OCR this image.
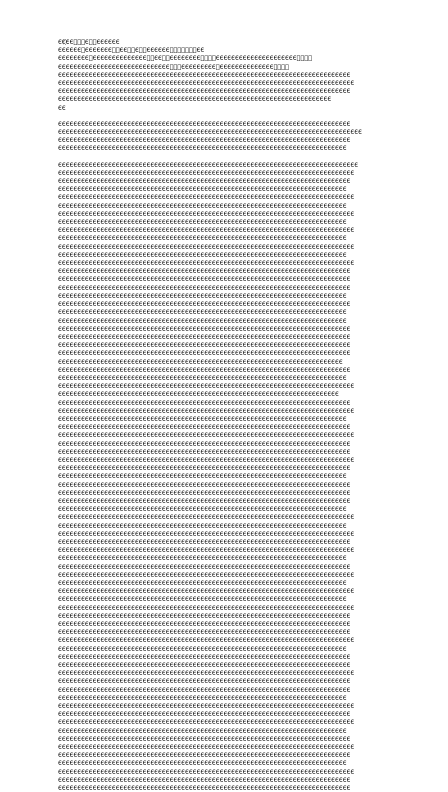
ЄЄ҉ЄЄ   Є  ЄЄЄЄЄЄ
ЄЄЄЄЄЄ ЄЄЄЄЄЄЄ  ЄЄ  Є  ЄЄЄЄЄЄ       ЄЄ
ЄЄЄЄЄЄЄЄ ЄЄЄЄЄЄЄЄЄЄЄЄЄЄ  ЄЄ  ЄЄЄЄЄЄЄЄ    ЄЄЄЄЄЄЄЄЄЄЄЄЄЄЄЄЄЄЄЄЄ    
ЄЄЄЄЄЄЄЄЄЄЄЄЄЄЄЄЄЄЄЄЄЄЄЄЄЄЄЄЄ   ЄЄЄЄЄЄЄЄЄ ЄЄЄЄЄЄЄЄЄЄЄЄЄЄ    
ЄЄЄЄЄЄЄЄЄЄЄЄЄЄЄЄЄЄЄЄЄЄЄЄЄЄЄЄЄЄЄЄЄЄЄЄЄЄЄЄЄЄЄЄЄЄЄЄЄЄЄЄЄЄЄЄЄЄЄЄЄЄЄЄЄЄЄЄЄЄЄЄЄЄЄЄ
ЄЄЄЄЄЄЄЄЄЄЄЄЄЄЄЄЄЄЄЄЄЄЄЄЄЄЄЄЄЄЄЄЄЄЄЄЄЄЄЄЄЄЄЄЄЄЄЄЄЄЄЄЄЄЄЄЄЄЄЄЄЄЄЄЄЄЄЄЄЄЄЄЄЄЄЄЄ
ЄЄЄЄЄЄЄЄЄЄЄЄЄЄЄЄЄЄЄЄЄЄЄЄЄЄЄЄЄЄЄЄЄЄЄЄЄЄЄЄЄЄЄЄЄЄЄЄЄЄЄЄЄЄЄЄЄЄЄЄЄЄЄЄЄЄЄЄЄЄЄЄЄЄЄЄ
ЄЄЄЄЄЄЄЄЄЄЄЄЄЄЄЄЄЄЄЄЄЄЄЄЄЄЄЄЄЄЄЄЄЄЄЄЄЄЄЄЄЄЄЄЄЄЄЄЄЄЄЄЄЄЄЄЄЄЄЄЄЄЄЄЄЄЄЄЄЄЄ
ЄЄ
ЄЄЄЄЄЄЄЄЄЄЄЄЄЄЄЄЄЄЄЄЄЄЄЄЄЄЄЄЄЄЄЄЄЄЄЄЄЄЄЄЄЄЄЄЄЄЄЄЄЄЄЄЄЄЄЄЄЄЄЄЄЄЄЄЄЄЄЄЄЄЄЄЄЄЄЄ
ЄЄЄЄЄЄЄЄЄЄЄЄЄЄЄЄЄЄЄЄЄЄЄЄЄЄЄЄЄЄЄЄЄЄЄЄЄЄЄЄЄЄЄЄЄЄЄЄЄЄЄЄЄЄЄЄЄЄЄЄЄЄЄЄЄЄЄЄЄЄЄЄЄЄЄЄЄЄЄ
ЄЄЄЄЄЄЄЄЄЄЄЄЄЄЄЄЄЄЄЄЄЄЄЄЄЄЄЄЄЄЄЄЄЄЄЄЄЄЄЄЄЄЄЄЄЄЄЄЄЄЄЄЄЄЄЄЄЄЄЄЄЄЄЄЄЄЄЄЄЄЄЄЄЄЄЄ
ЄЄЄЄЄЄЄЄЄЄЄЄЄЄЄЄЄЄЄЄЄЄЄЄЄЄЄЄЄЄЄЄЄЄЄЄЄЄЄЄЄЄЄЄЄЄЄЄЄЄЄЄЄЄЄЄЄЄЄЄЄЄЄЄЄЄЄЄЄЄЄЄЄЄЄ
ЄЄЄЄЄЄЄЄЄЄЄЄЄЄЄЄЄЄЄЄЄЄЄЄЄЄЄЄЄЄЄЄЄЄЄЄЄЄЄЄЄЄЄЄЄЄЄЄЄЄЄЄЄЄЄЄЄЄЄЄЄЄЄЄЄЄЄЄЄЄЄЄЄЄЄЄЄЄ
ЄЄЄЄЄЄЄЄЄЄЄЄЄЄЄЄЄЄЄЄЄЄЄЄЄЄЄЄЄЄЄЄЄЄЄЄЄЄЄЄЄЄЄЄЄЄЄЄЄЄЄЄЄЄЄЄЄЄЄЄЄЄЄЄЄЄЄЄЄЄЄЄЄЄЄЄЄ
ЄЄЄЄЄЄЄЄЄЄЄЄЄЄЄЄЄЄЄЄЄЄЄЄЄЄЄЄЄЄЄЄЄЄЄЄЄЄЄЄЄЄЄЄЄЄЄЄЄЄЄЄЄЄЄЄЄЄЄЄЄЄЄЄЄЄЄЄЄЄЄЄЄЄЄЄ
ЄЄЄЄЄЄЄЄЄЄЄЄЄЄЄЄЄЄЄЄЄЄЄЄЄЄЄЄЄЄЄЄЄЄЄЄЄЄЄЄЄЄЄЄЄЄЄЄЄЄЄЄЄЄЄЄЄЄЄЄЄЄЄЄЄЄЄЄЄЄЄЄЄЄЄ
ЄЄЄЄЄЄЄЄЄЄЄЄЄЄЄЄЄЄЄЄЄЄЄЄЄЄЄЄЄЄЄЄЄЄЄЄЄЄЄЄЄЄЄЄЄЄЄЄЄЄЄЄЄЄЄЄЄЄЄЄЄЄЄЄЄЄЄЄЄЄЄЄЄЄЄЄЄ
ЄЄЄЄЄЄЄЄЄЄЄЄЄЄЄЄЄЄЄЄЄЄЄЄЄЄЄЄЄЄЄЄЄЄЄЄЄЄЄЄЄЄЄЄЄЄЄЄЄЄЄЄЄЄЄЄЄЄЄЄЄЄЄЄЄЄЄЄЄЄЄЄЄЄЄ
ЄЄЄЄЄЄЄЄЄЄЄЄЄЄЄЄЄЄЄЄЄЄЄЄЄЄЄЄЄЄЄЄЄЄЄЄЄЄЄЄЄЄЄЄЄЄЄЄЄЄЄЄЄЄЄЄЄЄЄЄЄЄЄЄЄЄЄЄЄЄЄЄЄЄЄЄЄ
ЄЄЄЄЄЄЄЄЄЄЄЄЄЄЄЄЄЄЄЄЄЄЄЄЄЄЄЄЄЄЄЄЄЄЄЄЄЄЄЄЄЄЄЄЄЄЄЄЄЄЄЄЄЄЄЄЄЄЄЄЄЄЄЄЄЄЄЄЄЄЄЄЄЄЄ
ЄЄЄЄЄЄЄЄЄЄЄЄЄЄЄЄЄЄЄЄЄЄЄЄЄЄЄЄЄЄЄЄЄЄЄЄЄЄЄЄЄЄЄЄЄЄЄЄЄЄЄЄЄЄЄЄЄЄЄЄЄЄЄЄЄЄЄЄЄЄЄЄЄЄЄЄЄ
ЄЄЄЄЄЄЄЄЄЄЄЄЄЄЄЄЄЄЄЄЄЄЄЄЄЄЄЄЄЄЄЄЄЄЄЄЄЄЄЄЄЄЄЄЄЄЄЄЄЄЄЄЄЄЄЄЄЄЄЄЄЄЄЄЄЄЄЄЄЄЄЄЄЄЄ
ЄЄЄЄЄЄЄЄЄЄЄЄЄЄЄЄЄЄЄЄЄЄЄЄЄЄЄЄЄЄЄЄЄЄЄЄЄЄЄЄЄЄЄЄЄЄЄЄЄЄЄЄЄЄЄЄЄЄЄЄЄЄЄЄЄЄЄЄЄЄЄЄЄЄЄЄЄ
ЄЄЄЄЄЄЄЄЄЄЄЄЄЄЄЄЄЄЄЄЄЄЄЄЄЄЄЄЄЄЄЄЄЄЄЄЄЄЄЄЄЄЄЄЄЄЄЄЄЄЄЄЄЄЄЄЄЄЄЄЄЄЄЄЄЄЄЄЄЄЄЄЄЄЄ
ЄЄЄЄЄЄЄЄЄЄЄЄЄЄЄЄЄЄЄЄЄЄЄЄЄЄЄЄЄЄЄЄЄЄЄЄЄЄЄЄЄЄЄЄЄЄЄЄЄЄЄЄЄЄЄЄЄЄЄЄЄЄЄЄЄЄЄЄЄЄЄЄЄЄЄЄЄ
ЄЄЄЄЄЄЄЄЄЄЄЄЄЄЄЄЄЄЄЄЄЄЄЄЄЄЄЄЄЄЄЄЄЄЄЄЄЄЄЄЄЄЄЄЄЄЄЄЄЄЄЄЄЄЄЄЄЄЄЄЄЄЄЄЄЄЄЄЄЄЄЄЄЄЄЄ
ЄЄЄЄЄЄЄЄЄЄЄЄЄЄЄЄЄЄЄЄЄЄЄЄЄЄЄЄЄЄЄЄЄЄЄЄЄЄЄЄЄЄЄЄЄЄЄЄЄЄЄЄЄЄЄЄЄЄЄЄЄЄЄЄЄЄЄЄЄЄЄЄЄЄЄЄ
ЄЄЄЄЄЄЄЄЄЄЄЄЄЄЄЄЄЄЄЄЄЄЄЄЄЄЄЄЄЄЄЄЄЄЄЄЄЄЄЄЄЄЄЄЄЄЄЄЄЄЄЄЄЄЄЄЄЄЄЄЄЄЄЄЄЄЄЄЄЄЄЄЄЄЄЄ
ЄЄЄЄЄЄЄЄЄЄЄЄЄЄЄЄЄЄЄЄЄЄЄЄЄЄЄЄЄЄЄЄЄЄЄЄЄЄЄЄЄЄЄЄЄЄЄЄЄЄЄЄЄЄЄЄЄЄЄЄЄЄЄЄЄЄЄЄЄЄЄЄЄЄЄ
ЄЄЄЄЄЄЄЄЄЄЄЄЄЄЄЄЄЄЄЄЄЄЄЄЄЄЄЄЄЄЄЄЄЄЄЄЄЄЄЄЄЄЄЄЄЄЄЄЄЄЄЄЄЄЄЄЄЄЄЄЄЄЄЄЄЄЄЄЄЄЄЄЄЄЄЄ
ЄЄЄЄЄЄЄЄЄЄЄЄЄЄЄЄЄЄЄЄЄЄЄЄЄЄЄЄЄЄЄЄЄЄЄЄЄЄЄЄЄЄЄЄЄЄЄЄЄЄЄЄЄЄЄЄЄЄЄЄЄЄЄЄЄЄЄЄЄЄЄЄЄЄЄ
ЄЄЄЄЄЄЄЄЄЄЄЄЄЄЄЄЄЄЄЄЄЄЄЄЄЄЄЄЄЄЄЄЄЄЄЄЄЄЄЄЄЄЄЄЄЄЄЄЄЄЄЄЄЄЄЄЄЄЄЄЄЄЄЄЄЄЄЄЄЄЄЄЄЄЄ
ЄЄЄЄЄЄЄЄЄЄЄЄЄЄЄЄЄЄЄЄЄЄЄЄЄЄЄЄЄЄЄЄЄЄЄЄЄЄЄЄЄЄЄЄЄЄЄЄЄЄЄЄЄЄЄЄЄЄЄЄЄЄЄЄЄЄЄЄЄЄЄЄЄЄЄЄ
ЄЄЄЄЄЄЄЄЄЄЄЄЄЄЄЄЄЄЄЄЄЄЄЄЄЄЄЄЄЄЄЄЄЄЄЄЄЄЄЄЄЄЄЄЄЄЄЄЄЄЄЄЄЄЄЄЄЄЄЄЄЄЄЄЄЄЄЄЄЄЄЄЄЄЄЄ
ЄЄЄЄЄЄЄЄЄЄЄЄЄЄЄЄЄЄЄЄЄЄЄЄЄЄЄЄЄЄЄЄЄЄЄЄЄЄЄЄЄЄЄЄЄЄЄЄЄЄЄЄЄЄЄЄЄЄЄЄЄЄЄЄЄЄЄЄЄЄЄЄЄЄЄЄ
ЄЄЄЄЄЄЄЄЄЄЄЄЄЄЄЄЄЄЄЄЄЄЄЄЄЄЄЄЄЄЄЄЄЄЄЄЄЄЄЄЄЄЄЄЄЄЄЄЄЄЄЄЄЄЄЄЄЄЄЄЄЄЄЄЄЄЄЄЄЄЄЄЄЄЄЄ
ЄЄЄЄЄЄЄЄЄЄЄЄЄЄЄЄЄЄЄЄЄЄЄЄЄЄЄЄЄЄЄЄЄЄЄЄЄЄЄЄЄЄЄЄЄЄЄЄЄЄЄЄЄЄЄЄЄЄЄЄЄЄЄЄЄЄЄЄЄЄЄЄЄЄ
ЄЄЄЄЄЄЄЄЄЄЄЄЄЄЄЄЄЄЄЄЄЄЄЄЄЄЄЄЄЄЄЄЄЄЄЄЄЄЄЄЄЄЄЄЄЄЄЄЄЄЄЄЄЄЄЄЄЄЄЄЄЄЄЄЄЄЄЄЄЄЄЄЄЄЄЄ
ЄЄЄЄЄЄЄЄЄЄЄЄЄЄЄЄЄЄЄЄЄЄЄЄЄЄЄЄЄЄЄЄЄЄЄЄЄЄЄЄЄЄЄЄЄЄЄЄЄЄЄЄЄЄЄЄЄЄЄЄЄЄЄЄЄЄЄЄЄЄЄЄЄЄЄ
ЄЄЄЄЄЄЄЄЄЄЄЄЄЄЄЄЄЄЄЄЄЄЄЄЄЄЄЄЄЄЄЄЄЄЄЄЄЄЄЄЄЄЄЄЄЄЄЄЄЄЄЄЄЄЄЄЄЄЄЄЄЄЄЄЄЄЄЄЄЄЄЄЄЄЄЄЄ
ЄЄЄЄЄЄЄЄЄЄЄЄЄЄЄЄЄЄЄЄЄЄЄЄЄЄЄЄЄЄЄЄЄЄЄЄЄЄЄЄЄЄЄЄЄЄЄЄЄЄЄЄЄЄЄЄЄЄЄЄЄЄЄЄЄЄЄЄЄЄЄЄЄ
ЄЄЄЄЄЄЄЄЄЄЄЄЄЄЄЄЄЄЄЄЄЄЄЄЄЄЄЄЄЄЄЄЄЄЄЄЄЄЄЄЄЄЄЄЄЄЄЄЄЄЄЄЄЄЄЄЄЄЄЄЄЄЄЄЄЄЄЄЄЄЄЄЄЄЄЄ
ЄЄЄЄЄЄЄЄЄЄЄЄЄЄЄЄЄЄЄЄЄЄЄЄЄЄЄЄЄЄЄЄЄЄЄЄЄЄЄЄЄЄЄЄЄЄЄЄЄЄЄЄЄЄЄЄЄЄЄЄЄЄЄЄЄЄЄЄЄЄЄЄЄЄЄЄЄ
ЄЄЄЄЄЄЄЄЄЄЄЄЄЄЄЄЄЄЄЄЄЄЄЄЄЄЄЄЄЄЄЄЄЄЄЄЄЄЄЄЄЄЄЄЄЄЄЄЄЄЄЄЄЄЄЄЄЄЄЄЄЄЄЄЄЄЄЄЄЄЄЄЄЄЄ
ЄЄЄЄЄЄЄЄЄЄЄЄЄЄЄЄЄЄЄЄЄЄЄЄЄЄЄЄЄЄЄЄЄЄЄЄЄЄЄЄЄЄЄЄЄЄЄЄЄЄЄЄЄЄЄЄЄЄЄЄЄЄЄЄЄЄЄЄЄЄЄЄЄЄЄЄ
ЄЄЄЄЄЄЄЄЄЄЄЄЄЄЄЄЄЄЄЄЄЄЄЄЄЄЄЄЄЄЄЄЄЄЄЄЄЄЄЄЄЄЄЄЄЄЄЄЄЄЄЄЄЄЄЄЄЄЄЄЄЄЄЄЄЄЄЄЄЄЄЄЄЄЄЄЄ
ЄЄЄЄЄЄЄЄЄЄЄЄЄЄЄЄЄЄЄЄЄЄЄЄЄЄЄЄЄЄЄЄЄЄЄЄЄЄЄЄЄЄЄЄЄЄЄЄЄЄЄЄЄЄЄЄЄЄЄЄЄЄЄЄЄЄЄЄЄЄЄЄЄЄЄЄ
ЄЄЄЄЄЄЄЄЄЄЄЄЄЄЄЄЄЄЄЄЄЄЄЄЄЄЄЄЄЄЄЄЄЄЄЄЄЄЄЄЄЄЄЄЄЄЄЄЄЄЄЄЄЄЄЄЄЄЄЄЄЄЄЄЄЄЄЄЄЄЄЄЄЄЄЄ
ЄЄЄЄЄЄЄЄЄЄЄЄЄЄЄЄЄЄЄЄЄЄЄЄЄЄЄЄЄЄЄЄЄЄЄЄЄЄЄЄЄЄЄЄЄЄЄЄЄЄЄЄЄЄЄЄЄЄЄЄЄЄЄЄЄЄЄЄЄЄЄЄЄЄЄЄЄ
ЄЄЄЄЄЄЄЄЄЄЄЄЄЄЄЄЄЄЄЄЄЄЄЄЄЄЄЄЄЄЄЄЄЄЄЄЄЄЄЄЄЄЄЄЄЄЄЄЄЄЄЄЄЄЄЄЄЄЄЄЄЄЄЄЄЄЄЄЄЄЄЄЄЄЄЄ
ЄЄЄЄЄЄЄЄЄЄЄЄЄЄЄЄЄЄЄЄЄЄЄЄЄЄЄЄЄЄЄЄЄЄЄЄЄЄЄЄЄЄЄЄЄЄЄЄЄЄЄЄЄЄЄЄЄЄЄЄЄЄЄЄЄЄЄЄЄЄЄЄЄЄЄ
ЄЄЄЄЄЄЄЄЄЄЄЄЄЄЄЄЄЄЄЄЄЄЄЄЄЄЄЄЄЄЄЄЄЄЄЄЄЄЄЄЄЄЄЄЄЄЄЄЄЄЄЄЄЄЄЄЄЄЄЄЄЄЄЄЄЄЄЄЄЄЄЄЄЄЄЄ
ЄЄЄЄЄЄЄЄЄЄЄЄЄЄЄЄЄЄЄЄЄЄЄЄЄЄЄЄЄЄЄЄЄЄЄЄЄЄЄЄЄЄЄЄЄЄЄЄЄЄЄЄЄЄЄЄЄЄЄЄЄЄЄЄЄЄЄЄЄЄЄЄЄЄЄЄ
ЄЄЄЄЄЄЄЄЄЄЄЄЄЄЄЄЄЄЄЄЄЄЄЄЄЄЄЄЄЄЄЄЄЄЄЄЄЄЄЄЄЄЄЄЄЄЄЄЄЄЄЄЄЄЄЄЄЄЄЄЄЄЄЄЄЄЄЄЄЄЄЄЄЄЄЄ
ЄЄЄЄЄЄЄЄЄЄЄЄЄЄЄЄЄЄЄЄЄЄЄЄЄЄЄЄЄЄЄЄЄЄЄЄЄЄЄЄЄЄЄЄЄЄЄЄЄЄЄЄЄЄЄЄЄЄЄЄЄЄЄЄЄЄЄЄЄЄЄЄЄЄЄ
ЄЄЄЄЄЄЄЄЄЄЄЄЄЄЄЄЄЄЄЄЄЄЄЄЄЄЄЄЄЄЄЄЄЄЄЄЄЄЄЄЄЄЄЄЄЄЄЄЄЄЄЄЄЄЄЄЄЄЄЄЄЄЄЄЄЄЄЄЄЄЄЄЄЄЄЄЄ
ЄЄЄЄЄЄЄЄЄЄЄЄЄЄЄЄЄЄЄЄЄЄЄЄЄЄЄЄЄЄЄЄЄЄЄЄЄЄЄЄЄЄЄЄЄЄЄЄЄЄЄЄЄЄЄЄЄЄЄЄЄЄЄЄЄЄЄЄЄЄЄЄЄЄЄ
ЄЄЄЄЄЄЄЄЄЄЄЄЄЄЄЄЄЄЄЄЄЄЄЄЄЄЄЄЄЄЄЄЄЄЄЄЄЄЄЄЄЄЄЄЄЄЄЄЄЄЄЄЄЄЄЄЄЄЄЄЄЄЄЄЄЄЄЄЄЄЄЄЄЄЄЄЄ
ЄЄЄЄЄЄЄЄЄЄЄЄЄЄЄЄЄЄЄЄЄЄЄЄЄЄЄЄЄЄЄЄЄЄЄЄЄЄЄЄЄЄЄЄЄЄЄЄЄЄЄЄЄЄЄЄЄЄЄЄЄЄЄЄЄЄЄЄЄЄЄЄЄЄЄЄ
ЄЄЄЄЄЄЄЄЄЄЄЄЄЄЄЄЄЄЄЄЄЄЄЄЄЄЄЄЄЄЄЄЄЄЄЄЄЄЄЄЄЄЄЄЄЄЄЄЄЄЄЄЄЄЄЄЄЄЄЄЄЄЄЄЄЄЄЄЄЄЄЄЄЄЄЄЄ
ЄЄЄЄЄЄЄЄЄЄЄЄЄЄЄЄЄЄЄЄЄЄЄЄЄЄЄЄЄЄЄЄЄЄЄЄЄЄЄЄЄЄЄЄЄЄЄЄЄЄЄЄЄЄЄЄЄЄЄЄЄЄЄЄЄЄЄЄЄЄЄЄЄЄЄ
ЄЄЄЄЄЄЄЄЄЄЄЄЄЄЄЄЄЄЄЄЄЄЄЄЄЄЄЄЄЄЄЄЄЄЄЄЄЄЄЄЄЄЄЄЄЄЄЄЄЄЄЄЄЄЄЄЄЄЄЄЄЄЄЄЄЄЄЄЄЄЄЄЄЄЄЄ
ЄЄЄЄЄЄЄЄЄЄЄЄЄЄЄЄЄЄЄЄЄЄЄЄЄЄЄЄЄЄЄЄЄЄЄЄЄЄЄЄЄЄЄЄЄЄЄЄЄЄЄЄЄЄЄЄЄЄЄЄЄЄЄЄЄЄЄЄЄЄЄЄЄЄЄЄЄ
ЄЄЄЄЄЄЄЄЄЄЄЄЄЄЄЄЄЄЄЄЄЄЄЄЄЄЄЄЄЄЄЄЄЄЄЄЄЄЄЄЄЄЄЄЄЄЄЄЄЄЄЄЄЄЄЄЄЄЄЄЄЄЄЄЄЄЄЄЄЄЄЄЄЄЄ
ЄЄЄЄЄЄЄЄЄЄЄЄЄЄЄЄЄЄЄЄЄЄЄЄЄЄЄЄЄЄЄЄЄЄЄЄЄЄЄЄЄЄЄЄЄЄЄЄЄЄЄЄЄЄЄЄЄЄЄЄЄЄЄЄЄЄЄЄЄЄЄЄЄЄЄЄЄ
ЄЄЄЄЄЄЄЄЄЄЄЄЄЄЄЄЄЄЄЄЄЄЄЄЄЄЄЄЄЄЄЄЄЄЄЄЄЄЄЄЄЄЄЄЄЄЄЄЄЄЄЄЄЄЄЄЄЄЄЄЄЄЄЄЄЄЄЄЄЄЄЄЄЄЄ
ЄЄЄЄЄЄЄЄЄЄЄЄЄЄЄЄЄЄЄЄЄЄЄЄЄЄЄЄЄЄЄЄЄЄЄЄЄЄЄЄЄЄЄЄЄЄЄЄЄЄЄЄЄЄЄЄЄЄЄЄЄЄЄЄЄЄЄЄЄЄЄЄЄЄЄЄЄ
ЄЄЄЄЄЄЄЄЄЄЄЄЄЄЄЄЄЄЄЄЄЄЄЄЄЄЄЄЄЄЄЄЄЄЄЄЄЄЄЄЄЄЄЄЄЄЄЄЄЄЄЄЄЄЄЄЄЄЄЄЄЄЄЄЄЄЄЄЄЄЄЄЄЄЄЄ
ЄЄЄЄЄЄЄЄЄЄЄЄЄЄЄЄЄЄЄЄЄЄЄЄЄЄЄЄЄЄЄЄЄЄЄЄЄЄЄЄЄЄЄЄЄЄЄЄЄЄЄЄЄЄЄЄЄЄЄЄЄЄЄЄЄЄЄЄЄЄЄЄЄЄЄЄ
ЄЄЄЄЄЄЄЄЄЄЄЄЄЄЄЄЄЄЄЄЄЄЄЄЄЄЄЄЄЄЄЄЄЄЄЄЄЄЄЄЄЄЄЄЄЄЄЄЄЄЄЄЄЄЄЄЄЄЄЄЄЄЄЄЄЄЄЄЄЄЄЄЄЄЄЄ
ЄЄЄЄЄЄЄЄЄЄЄЄЄЄЄЄЄЄЄЄЄЄЄЄЄЄЄЄЄЄЄЄЄЄЄЄЄЄЄЄЄЄЄЄЄЄЄЄЄЄЄЄЄЄЄЄЄЄЄЄЄЄЄЄЄЄЄЄЄЄЄЄЄЄЄЄЄ
ЄЄЄЄЄЄЄЄЄЄЄЄЄЄЄЄЄЄЄЄЄЄЄЄЄЄЄЄЄЄЄЄЄЄЄЄЄЄЄЄЄЄЄЄЄЄЄЄЄЄЄЄЄЄЄЄЄЄЄЄЄЄЄЄЄЄЄЄЄЄЄЄЄЄЄ
ЄЄЄЄЄЄЄЄЄЄЄЄЄЄЄЄЄЄЄЄЄЄЄЄЄЄЄЄЄЄЄЄЄЄЄЄЄЄЄЄЄЄЄЄЄЄЄЄЄЄЄЄЄЄЄЄЄЄЄЄЄЄЄЄЄЄЄЄЄЄЄЄЄЄЄЄ
ЄЄЄЄЄЄЄЄЄЄЄЄЄЄЄЄЄЄЄЄЄЄЄЄЄЄЄЄЄЄЄЄЄЄЄЄЄЄЄЄЄЄЄЄЄЄЄЄЄЄЄЄЄЄЄЄЄЄЄЄЄЄЄЄЄЄЄЄЄЄЄЄЄЄЄЄ
ЄЄЄЄЄЄЄЄЄЄЄЄЄЄЄЄЄЄЄЄЄЄЄЄЄЄЄЄЄЄЄЄЄЄЄЄЄЄЄЄЄЄЄЄЄЄЄЄЄЄЄЄЄЄЄЄЄЄЄЄЄЄЄЄЄЄЄЄЄЄЄЄЄЄЄЄЄ
ЄЄЄЄЄЄЄЄЄЄЄЄЄЄЄЄЄЄЄЄЄЄЄЄЄЄЄЄЄЄЄЄЄЄЄЄЄЄЄЄЄЄЄЄЄЄЄЄЄЄЄЄЄЄЄЄЄЄЄЄЄЄЄЄЄЄЄЄЄЄЄЄЄЄЄЄ
ЄЄЄЄЄЄЄЄЄЄЄЄЄЄЄЄЄЄЄЄЄЄЄЄЄЄЄЄЄЄЄЄЄЄЄЄЄЄЄЄЄЄЄЄЄЄЄЄЄЄЄЄЄЄЄЄЄЄЄЄЄЄЄЄЄЄЄЄЄЄЄЄЄЄЄЄ
ЄЄЄЄЄЄЄЄЄЄЄЄЄЄЄЄЄЄЄЄЄЄЄЄЄЄЄЄЄЄЄЄЄЄЄЄЄЄЄЄЄЄЄЄЄЄЄЄЄЄЄЄЄЄЄЄЄЄЄЄЄЄЄЄЄЄЄЄЄЄЄЄЄЄЄ
ЄЄЄЄЄЄЄЄЄЄЄЄЄЄЄЄЄЄЄЄЄЄЄЄЄЄЄЄЄЄЄЄЄЄЄЄЄЄЄЄЄЄЄЄЄЄЄЄЄЄЄЄЄЄЄЄЄЄЄЄЄЄЄЄЄЄЄЄЄЄЄЄЄЄЄЄЄ
ЄЄЄЄЄЄЄЄЄЄЄЄЄЄЄЄЄЄЄЄЄЄЄЄЄЄЄЄЄЄЄЄЄЄЄЄЄЄЄЄЄЄЄЄЄЄЄЄЄЄЄЄЄЄЄЄЄЄЄЄЄЄЄЄЄЄЄЄЄЄЄЄЄЄЄЄ
ЄЄЄЄЄЄЄЄЄЄЄЄЄЄЄЄЄЄЄЄЄЄЄЄЄЄЄЄЄЄЄЄЄЄЄЄЄЄЄЄЄЄЄЄЄЄЄЄЄЄЄЄЄЄЄЄЄЄЄЄЄЄЄЄЄЄЄЄЄЄЄЄЄЄЄЄЄ
ЄЄЄЄЄЄЄЄЄЄЄЄЄЄЄЄЄЄЄЄЄЄЄЄЄЄЄЄЄЄЄЄЄЄЄЄЄЄЄЄЄЄЄЄЄЄЄЄЄЄЄЄЄЄЄЄЄЄЄЄЄЄЄЄЄЄЄЄЄЄЄЄЄЄЄ
ЄЄЄЄЄЄЄЄЄЄЄЄЄЄЄЄЄЄЄЄЄЄЄЄЄЄЄЄЄЄЄЄЄЄЄЄЄЄЄЄЄЄЄЄЄЄЄЄЄЄЄЄЄЄЄЄЄЄЄЄЄЄЄЄЄЄЄЄЄЄЄЄЄЄЄЄ
ЄЄЄЄЄЄЄЄЄЄЄЄЄЄЄЄЄЄЄЄЄЄЄЄЄЄЄЄЄЄЄЄЄЄЄЄЄЄЄЄЄЄЄЄЄЄЄЄЄЄЄЄЄЄЄЄЄЄЄЄЄЄЄЄЄЄЄЄЄЄЄЄЄЄЄЄЄ
ЄЄЄЄЄЄЄЄЄЄЄЄЄЄЄЄЄЄЄЄЄЄЄЄЄЄЄЄЄЄЄЄЄЄЄЄЄЄЄЄЄЄЄЄЄЄЄЄЄЄЄЄЄЄЄЄЄЄЄЄЄЄЄЄЄЄЄЄЄЄЄЄЄЄЄЄ
ЄЄЄЄЄЄЄЄЄЄЄЄЄЄЄЄЄЄЄЄЄЄЄЄЄЄЄЄЄЄЄЄЄЄЄЄЄЄЄЄЄЄЄЄЄЄЄЄЄЄЄЄЄЄЄЄЄЄЄЄЄЄЄЄЄЄЄЄЄЄЄЄЄЄЄ
ЄЄЄЄЄЄЄЄЄЄЄЄЄЄЄЄЄЄЄЄЄЄЄЄЄЄЄЄЄЄЄЄЄЄЄЄЄЄЄЄЄЄЄЄЄЄЄЄЄЄЄЄЄЄЄЄЄЄЄЄЄЄЄЄЄЄЄЄЄЄЄЄЄЄЄЄЄ
ЄЄЄЄЄЄЄЄЄЄЄЄЄЄЄЄЄЄЄЄЄЄЄЄЄЄЄЄЄЄЄЄЄЄЄЄЄЄЄЄЄЄЄЄЄЄЄЄЄЄЄЄЄЄЄЄЄЄЄЄЄЄЄЄЄЄЄЄЄЄЄЄЄЄЄЄ
ЄЄЄЄЄЄЄЄЄЄЄЄЄЄЄЄЄЄЄЄЄЄЄЄЄЄЄЄЄЄЄЄЄЄЄЄЄЄЄЄЄЄЄЄЄЄЄЄЄЄЄЄЄЄЄЄЄЄЄЄЄЄЄЄЄЄЄЄЄЄЄЄЄЄЄЄ
